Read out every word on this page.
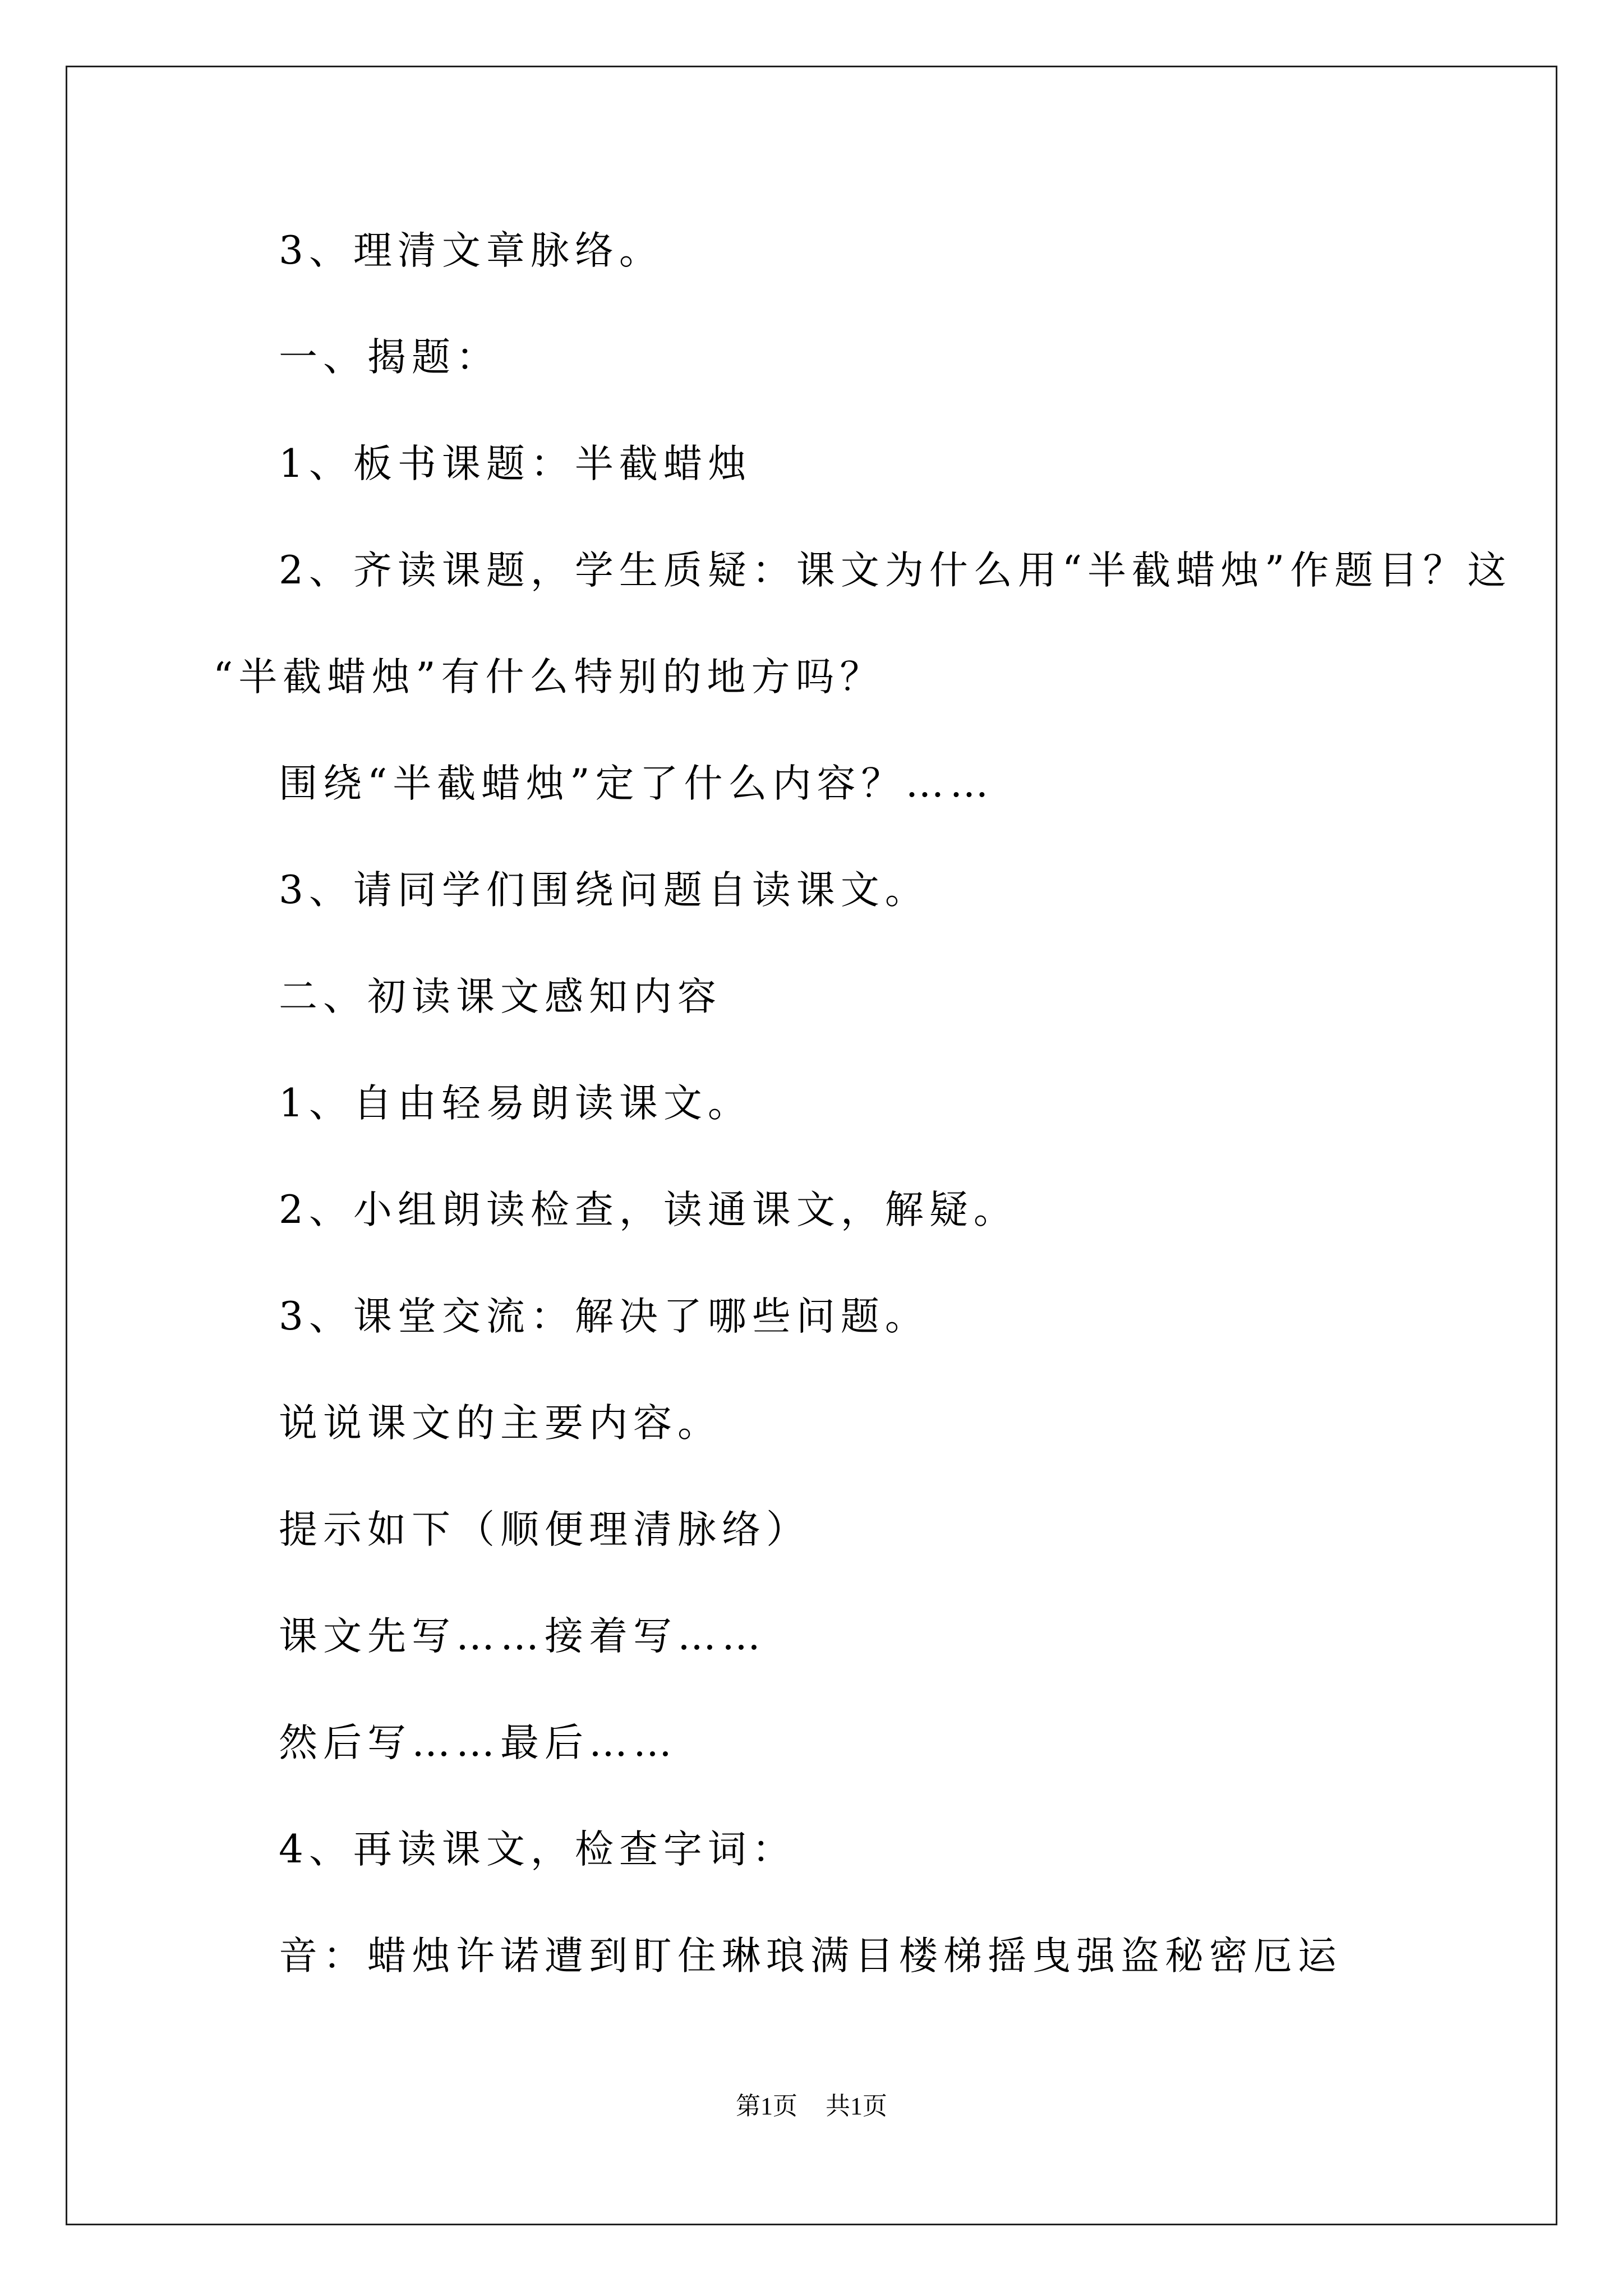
3、理清文章脉络。
一、揭题：
1、板书课题：半截蜡烛
2、齐读课题，学生质疑：课文为什么用“半截蜡烛”作题目？这
“半截蜡烛”有什么特别的地方吗？
围绕“半截蜡烛”定了什么内容？……
3、请同学们围绕问题自读课文。
二、初读课文感知内容
1、自由轻易朗读课文。
2、小组朗读检查，读通课文，解疑。
3、课堂交流：解决了哪些问题。
说说课文的主要内容。
提示如下（顺便理清脉络）
课文先写……接着写……
然后写……最后……
4、再读课文，检查字词：
音：蜡烛许诺遭到盯住琳琅满目楼梯摇曳强盗秘密厄运
第1页 共1页
